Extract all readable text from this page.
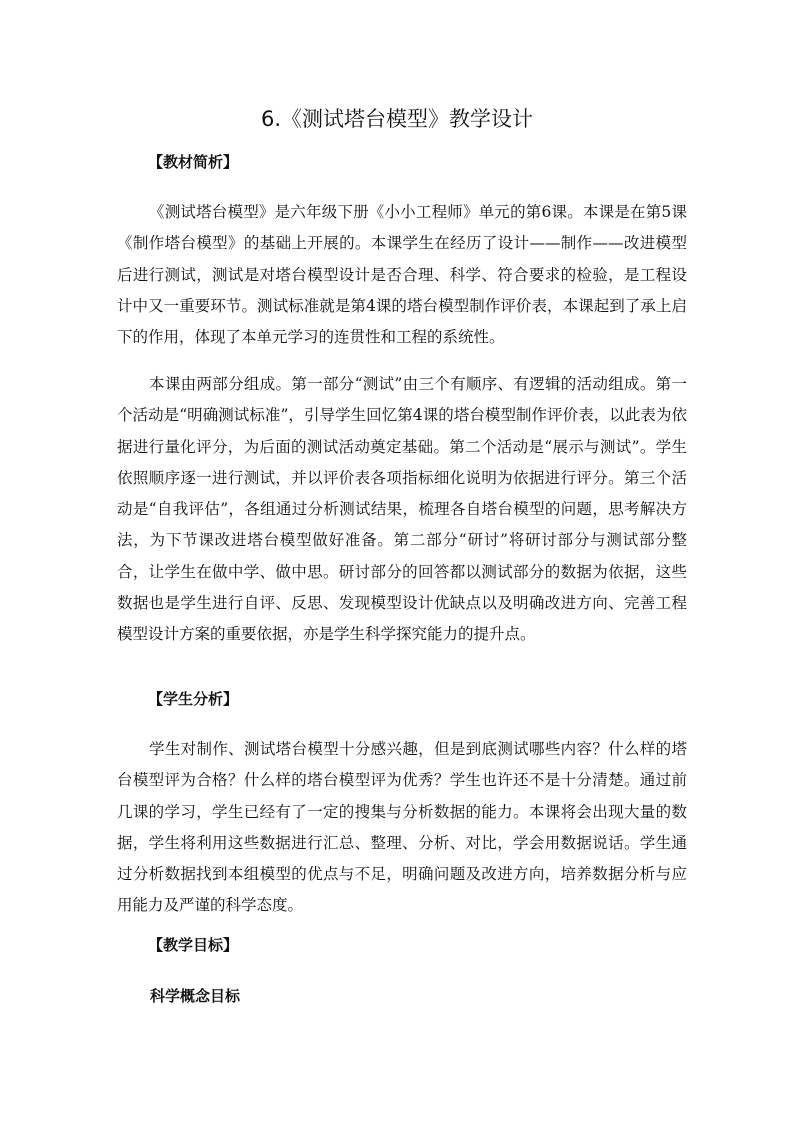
6.《测试塔台模型》教学设计
【教材简析】

《测试塔台模型》是六年级下册《小小工程师》单元的第6课。本课是在第5课《制作塔台模型》的基础上开展的。本课学生在经历了设计——制作——改进模型后进行测试，测试是对塔台模型设计是否合理、科学、符合要求的检验，是工程设计中又一重要环节。测试标准就是第4课的塔台模型制作评价表，本课起到了承上启下的作用，体现了本单元学习的连贯性和工程的系统性。

本课由两部分组成。第一部分“测试”由三个有顺序、有逻辑的活动组成。第一个活动是“明确测试标准”，引导学生回忆第4课的塔台模型制作评价表，以此表为依据进行量化评分，为后面的测试活动奠定基础。第二个活动是“展示与测试”。学生依照顺序逐一进行测试，并以评价表各项指标细化说明为依据进行评分。第三个活动是“自我评估”，各组通过分析测试结果，梳理各自塔台模型的问题，思考解决方法，为下节课改进塔台模型做好准备。第二部分“研讨”将研讨部分与测试部分整合，让学生在做中学、做中思。研讨部分的回答都以测试部分的数据为依据，这些数据也是学生进行自评、反思、发现模型设计优缺点以及明确改进方向、完善工程模型设计方案的重要依据，亦是学生科学探究能力的提升点。

【学生分析】

学生对制作、测试塔台模型十分感兴趣，但是到底测试哪些内容？什么样的塔台模型评为合格？什么样的塔台模型评为优秀？学生也许还不是十分清楚。通过前几课的学习，学生已经有了一定的搜集与分析数据的能力。本课将会出现大量的数据，学生将利用这些数据进行汇总、整理、分析、对比，学会用数据说话。学生通过分析数据找到本组模型的优点与不足，明确问题及改进方向，培养数据分析与应用能力及严谨的科学态度。

【教学目标】
科学概念目标
